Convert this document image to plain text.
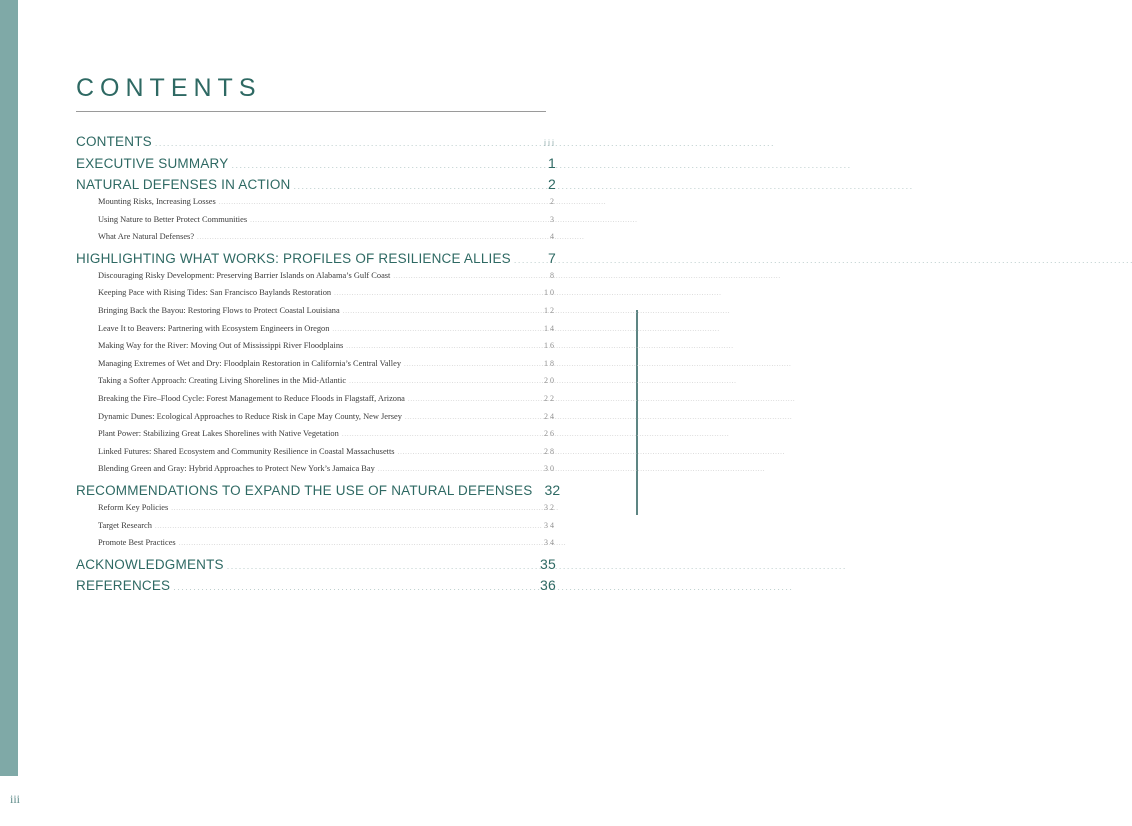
iii
CONTENTS
CONTENTS . . .	iii
EXECUTIVE SUMMARY . . .	1
NATURAL DEFENSES IN ACTION . . .	2
Mounting Risks, Increasing Losses . . .	2
Using Nature to Better Protect Communities . . .	3
What Are Natural Defenses? . . .	4
HIGHLIGHTING WHAT WORKS: PROFILES OF RESILIENCE ALLIES . . .	7
Discouraging Risky Development: Preserving Barrier Islands on Alabama’s Gulf Coast . . .	8
Keeping Pace with Rising Tides: San Francisco Baylands Restoration . . .	10
Bringing Back the Bayou: Restoring Flows to Protect Coastal Louisiana . . .	12
Leave It to Beavers: Partnering with Ecosystem Engineers in Oregon . . .	14
Making Way for the River: Moving Out of Mississippi River Floodplains . . .	16
Managing Extremes of Wet and Dry: Floodplain Restoration in California’s Central Valley . . .	18
Taking a Softer Approach: Creating Living Shorelines in the Mid-Atlantic . . .	20
Breaking the Fire–Flood Cycle: Forest Management to Reduce Floods in Flagstaff, Arizona . . .	22
Dynamic Dunes: Ecological Approaches to Reduce Risk in Cape May County, New Jersey . . .	24
Plant Power: Stabilizing Great Lakes Shorelines with Native Vegetation . . .	26
Linked Futures: Shared Ecosystem and Community Resilience in Coastal Massachusetts . . .	28
Blending Green and Gray: Hybrid Approaches to Protect New York’s Jamaica Bay . . .	30
RECOMMENDATIONS TO EXPAND THE USE OF NATURAL DEFENSES 32
Reform Key Policies . . .	32
Target Research . . .	34
Promote Best Practices . . .	34
ACKNOWLEDGMENTS . . .	35
REFERENCES . . .	36
